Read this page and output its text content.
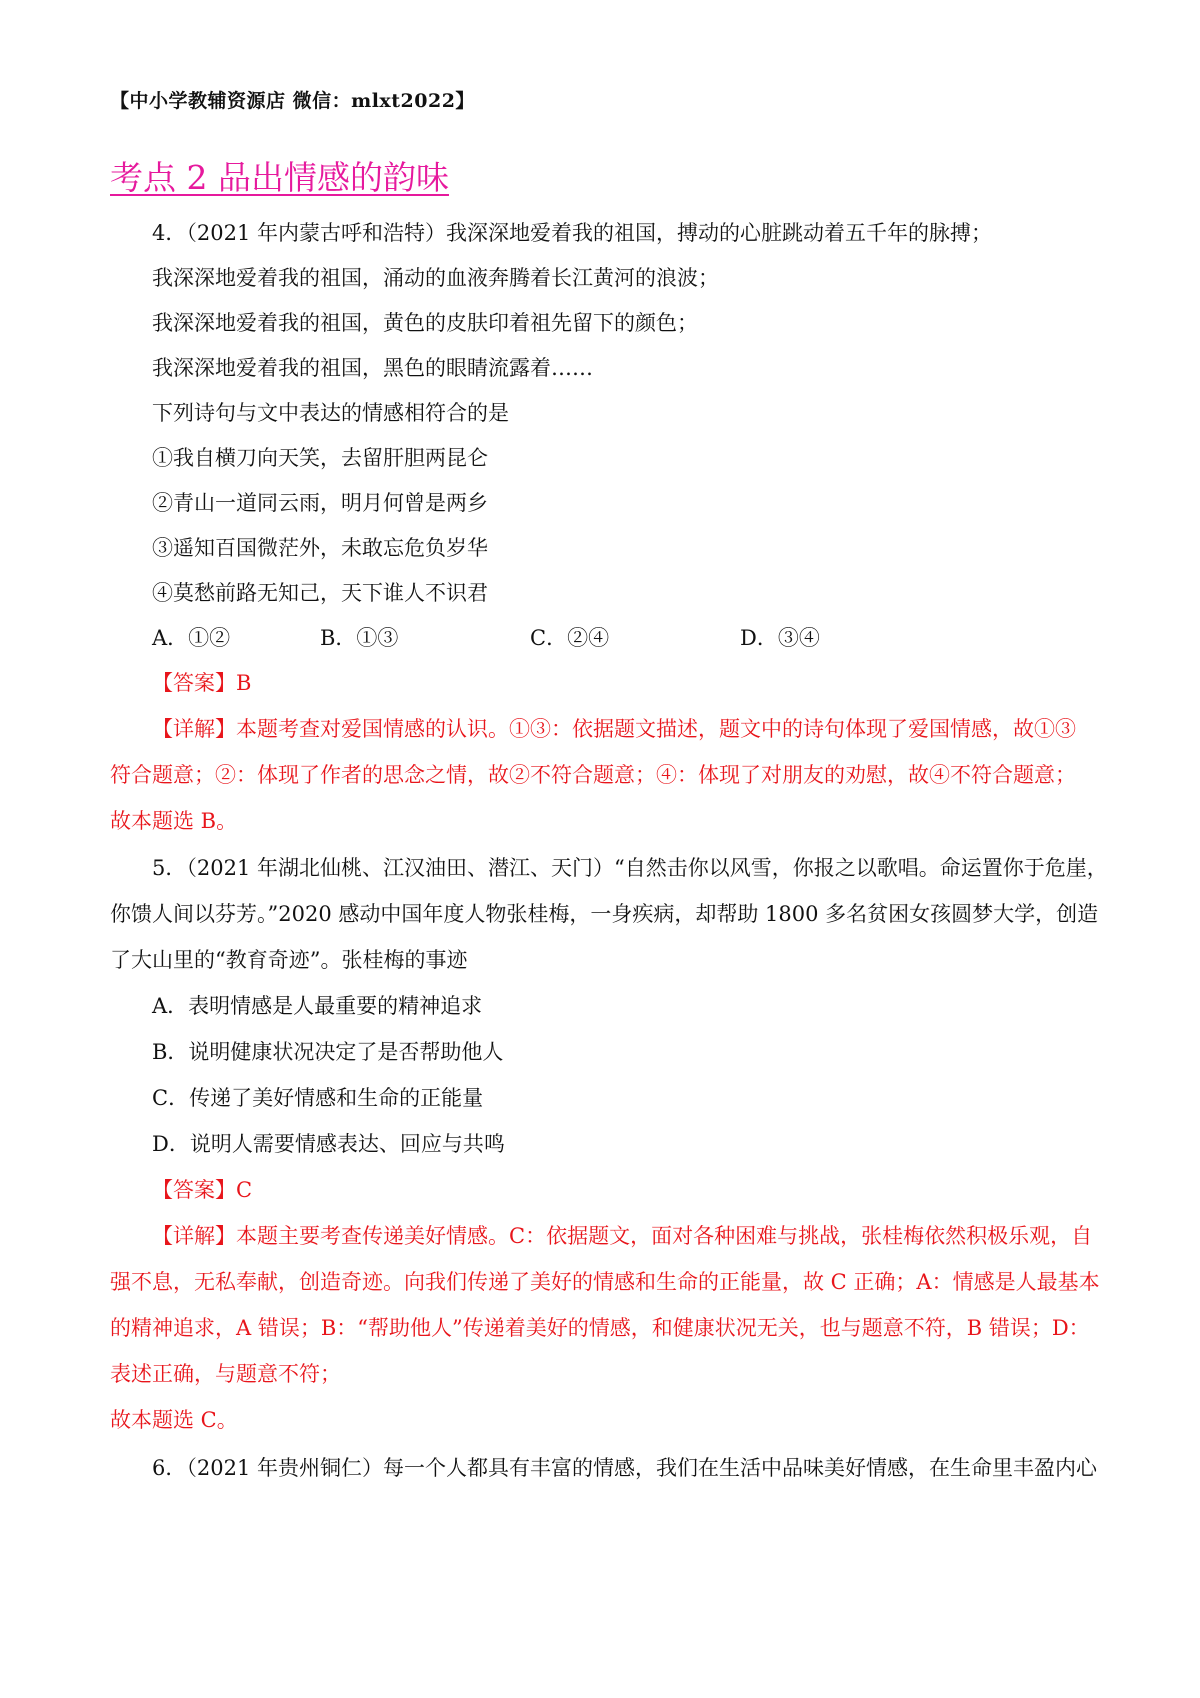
【中小学教辅资源店 微信：mlxt2022】
考点 2 品出情感的韵味
4．（2021 年内蒙古呼和浩特）我深深地爱着我的祖国，搏动的心脏跳动着五千年的脉搏；
我深深地爱着我的祖国，涌动的血液奔腾着长江黄河的浪波；
我深深地爱着我的祖国，黄色的皮肤印着祖先留下的颜色；
我深深地爱着我的祖国，黑色的眼睛流露着……
下列诗句与文中表达的情感相符合的是
①我自横刀向天笑，去留肝胆两昆仑
②青山一道同云雨，明月何曾是两乡
③遥知百国微茫外，未敢忘危负岁华
④莫愁前路无知己，天下谁人不识君
A．①②	B．①③	C．②④	D．③④
【答案】B
【详解】本题考查对爱国情感的认识。①③：依据题文描述，题文中的诗句体现了爱国情感，故①③
符合题意；②：体现了作者的思念之情，故②不符合题意；④：体现了对朋友的劝慰，故④不符合题意；
故本题选 B。
5．（2021 年湖北仙桃、江汉油田、潜江、天门）“自然击你以风雪，你报之以歌唱。命运置你于危崖，
你馈人间以芬芳。”2020 感动中国年度人物张桂梅，一身疾病，却帮助 1800 多名贫困女孩圆梦大学，创造
了大山里的“教育奇迹”。张桂梅的事迹
A．表明情感是人最重要的精神追求
B．说明健康状况决定了是否帮助他人
C．传递了美好情感和生命的正能量
D．说明人需要情感表达、回应与共鸣
【答案】C
【详解】本题主要考查传递美好情感。C：依据题文，面对各种困难与挑战，张桂梅依然积极乐观，自
强不息，无私奉献，创造奇迹。向我们传递了美好的情感和生命的正能量，故 C 正确；A：情感是人最基本
的精神追求，A 错误；B：“帮助他人”传递着美好的情感，和健康状况无关，也与题意不符，B 错误；D：
表述正确，与题意不符；
故本题选 C。
6．（2021 年贵州铜仁）每一个人都具有丰富的情感，我们在生活中品味美好情感，在生命里丰盈内心
